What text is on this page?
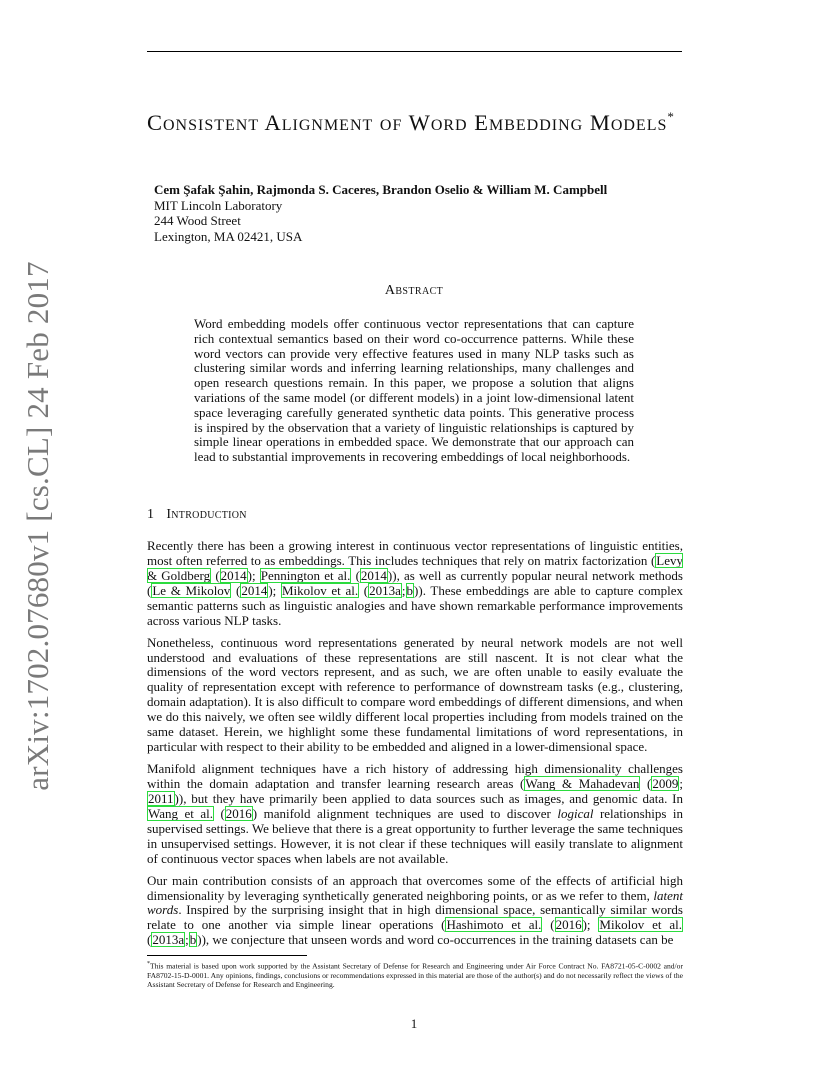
arXiv:1702.07680v1 [cs.CL] 24 Feb 2017
Consistent Alignment of Word Embedding Models*
Cem Şafak Şahin, Rajmonda S. Caceres, Brandon Oselio & William M. Campbell
MIT Lincoln Laboratory
244 Wood Street
Lexington, MA 02421, USA
Abstract

Word embedding models offer continuous vector representations that can capture rich contextual semantics based on their word co-occurrence patterns. While these word vectors can provide very effective features used in many NLP tasks such as clustering similar words and inferring learning relationships, many challenges and open research questions remain. In this paper, we propose a solution that aligns variations of the same model (or different models) in a joint low-dimensional latent space leveraging carefully generated synthetic data points. This generative process is inspired by the observation that a variety of linguistic relationships is captured by simple linear operations in embedded space. We demonstrate that our approach can lead to substantial improvements in recovering embeddings of local neighborhoods.

1 Introduction

Recently there has been a growing interest in continuous vector representations of linguistic entities, most often referred to as embeddings. This includes techniques that rely on matrix factorization (Levy & Goldberg (2014); Pennington et al. (2014)), as well as currently popular neural network methods (Le & Mikolov (2014); Mikolov et al. (2013a;b)). These embeddings are able to capture complex semantic patterns such as linguistic analogies and have shown remarkable performance improvements across various NLP tasks.

Nonetheless, continuous word representations generated by neural network models are not well understood and evaluations of these representations are still nascent. It is not clear what the dimensions of the word vectors represent, and as such, we are often unable to easily evaluate the quality of representation except with reference to performance of downstream tasks (e.g., clustering, domain adaptation). It is also difficult to compare word embeddings of different dimensions, and when we do this naively, we often see wildly different local properties including from models trained on the same dataset. Herein, we highlight some these fundamental limitations of word representations, in particular with respect to their ability to be embedded and aligned in a lower-dimensional space.

Manifold alignment techniques have a rich history of addressing high dimensionality challenges within the domain adaptation and transfer learning research areas (Wang & Mahadevan (2009; 2011)), but they have primarily been applied to data sources such as images, and genomic data. In Wang et al. (2016) manifold alignment techniques are used to discover logical relationships in supervised settings. We believe that there is a great opportunity to further leverage the same techniques in unsupervised settings. However, it is not clear if these techniques will easily translate to alignment of continuous vector spaces when labels are not available.

Our main contribution consists of an approach that overcomes some of the effects of artificial high dimensionality by leveraging synthetically generated neighboring points, or as we refer to them, latent words. Inspired by the surprising insight that in high dimensional space, semantically similar words relate to one another via simple linear operations (Hashimoto et al. (2016); Mikolov et al. (2013a;b)), we conjecture that unseen words and word co-occurrences in the training datasets can be

*This material is based upon work supported by the Assistant Secretary of Defense for Research and Engineering under Air Force Contract No. FA8721-05-C-0002 and/or FA8702-15-D-0001. Any opinions, findings, conclusions or recommendations expressed in this material are those of the author(s) and do not necessarily reflect the views of the Assistant Secretary of Defense for Research and Engineering.
1
